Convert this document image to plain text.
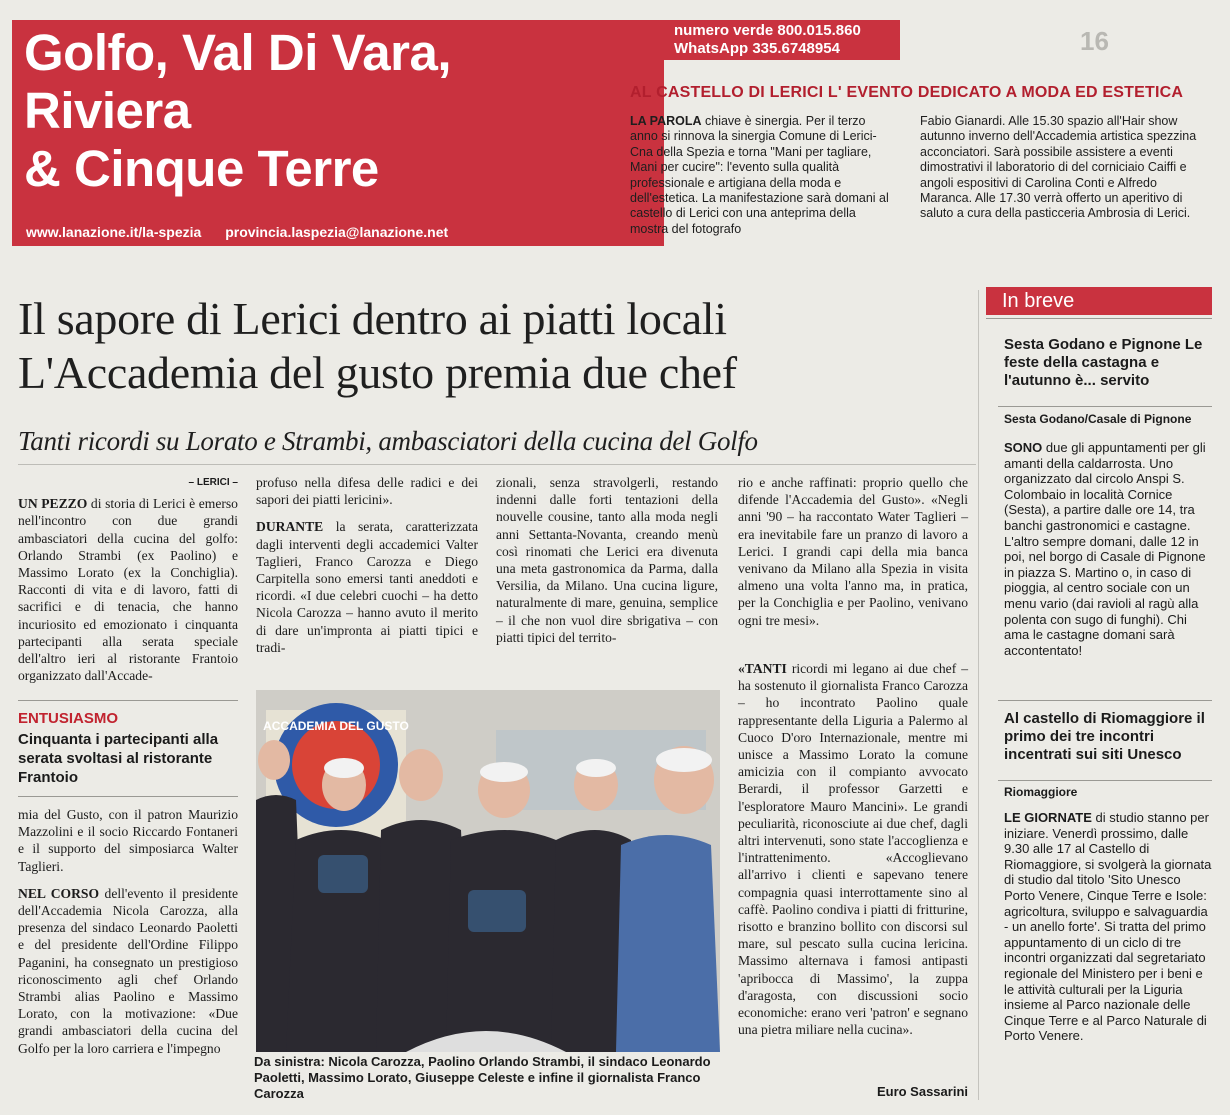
Golfo, Val Di Vara,
Riviera
& Cinque Terre
www.lanazione.it/la-spezia provincia.laspezia@lanazione.net
numero verde 800.015.860
WhatsApp 335.6748954	16
AL CASTELLO DI LERICI L' EVENTO DEDICATO A MODA ED ESTETICA
LA PAROLA chiave è sinergia. Per il terzo anno si rinnova la sinergia Comune di Lerici-Cna della Spezia e torna "Mani per tagliare, Mani per cucire": l'evento sulla qualità professionale e artigiana della moda e dell'estetica. La manifestazione sarà domani al castello di Lerici con una anteprima della mostra del fotografo
Fabio Gianardi. Alle 15.30 spazio all'Hair show autunno inverno dell'Accademia artistica spezzina acconciatori. Sarà possibile assistere a eventi dimostrativi il laboratorio di del corniciaio Caiffi e angoli espositivi di Carolina Conti e Alfredo Maranca. Alle 17.30 verrà offerto un aperitivo di saluto a cura della pasticceria Ambrosia di Lerici.
Il sapore di Lerici dentro ai piatti locali
L'Accademia del gusto premia due chef
Tanti ricordi su Lorato e Strambi, ambasciatori della cucina del Golfo
– LERICI –

UN PEZZO di storia di Lerici è emerso nell'incontro con due grandi ambasciatori della cucina del golfo: Orlando Strambi (ex Paolino) e Massimo Lorato (ex la Conchiglia). Racconti di vita e di lavoro, fatti di sacrifici e di tenacia, che hanno incuriosito ed emozionato i cinquanta partecipanti alla serata speciale dell'altro ieri al ristorante Frantoio organizzato dall'Accade-

ENTUSIASMO
Cinquanta i partecipanti alla serata svoltasi al ristorante Frantoio

mia del Gusto, con il patron Maurizio Mazzolini e il socio Riccardo Fontaneri e il supporto del simposiarca Walter Taglieri.

NEL CORSO dell'evento il presidente dell'Accademia Nicola Carozza, alla presenza del sindaco Leonardo Paoletti e del presidente dell'Ordine Filippo Paganini, ha consegnato un prestigioso riconoscimento agli chef Orlando Strambi alias Paolino e Massimo Lorato, con la motivazione: «Due grandi ambasciatori della cucina del Golfo per la loro carriera e l'impegno

profuso nella difesa delle radici e dei sapori dei piatti lericini».

DURANTE la serata, caratterizzata dagli interventi degli accademici Valter Taglieri, Franco Carozza e Diego Carpitella sono emersi tanti aneddoti e ricordi. «I due celebri cuochi – ha detto Nicola Carozza – hanno avuto il merito di dare un'impronta ai piatti tipici e tradi-

zionali, senza stravolgerli, restando indenni dalle forti tentazioni della nouvelle cousine, tanto alla moda negli anni Settanta-Novanta, creando menù così rinomati che Lerici era divenuta una meta gastronomica da Parma, dalla Versilia, da Milano. Una cucina ligure, naturalmente di mare, genuina, semplice – il che non vuol dire sbrigativa – con piatti tipici del territo-

rio e anche raffinati: proprio quello che difende l'Accademia del Gusto». «Negli anni '90 – ha raccontato Water Taglieri – era inevitabile fare un pranzo di lavoro a Lerici. I grandi capi della mia banca venivano da Milano alla Spezia in visita almeno una volta l'anno ma, in pratica, per la Conchiglia e per Paolino, venivano ogni tre mesi».

«TANTI ricordi mi legano ai due chef – ha sostenuto il giornalista Franco Carozza – ho incontrato Paolino quale rappresentante della Liguria a Palermo al Cuoco D'oro Internazionale, mentre mi unisce a Massimo Lorato la comune amicizia con il compianto avvocato Berardi, il professor Garzetti e l'esploratore Mauro Mancini». Le grandi peculiarità, riconosciute ai due chef, dagli altri intervenuti, sono state l'accoglienza e l'intrattenimento. «Accoglievano all'arrivo i clienti e sapevano tenere compagnia quasi interrottamente sino al caffè. Paolino condiva i piatti di fritturine, risotto e branzino bollito con discorsi sul mare, sul pescato sulla cucina lericina. Massimo alternava i famosi antipasti 'apribocca di Massimo', la zuppa d'aragosta, con discussioni socio economiche: erano veri 'patron' e segnano una pietra miliare nella cucina».

Euro Sassarini
ACCADEMIA DEL GUSTO
Da sinistra: Nicola Carozza, Paolino Orlando Strambi, il sindaco Leonardo Paoletti, Massimo Lorato, Giuseppe Celeste e infine il giornalista Franco Carozza
In breve
Sesta Godano e Pignone Le feste della castagna e l'autunno è... servito
Sesta Godano/Casale di Pignone
SONO due gli appuntamenti per gli amanti della caldarrosta. Uno organizzato dal circolo Anspi S. Colombaio in località Cornice (Sesta), a partire dalle ore 14, tra banchi gastronomici e castagne. L'altro sempre domani, dalle 12 in poi, nel borgo di Casale di Pignone in piazza S. Martino o, in caso di pioggia, al centro sociale con un menu vario (dai ravioli al ragù alla polenta con sugo di funghi). Chi ama le castagne domani sarà accontentato!
Al castello di Riomaggiore il primo dei tre incontri incentrati sui siti Unesco
Riomaggiore
LE GIORNATE di studio stanno per iniziare. Venerdì prossimo, dalle 9.30 alle 17 al Castello di Riomaggiore, si svolgerà la giornata di studio dal titolo 'Sito Unesco Porto Venere, Cinque Terre e Isole: agricoltura, sviluppo e salvaguardia - un anello forte'. Si tratta del primo appuntamento di un ciclo di tre incontri organizzati dal segretariato regionale del Ministero per i beni e le attività culturali per la Liguria insieme al Parco nazionale delle Cinque Terre e al Parco Naturale di Porto Venere.
